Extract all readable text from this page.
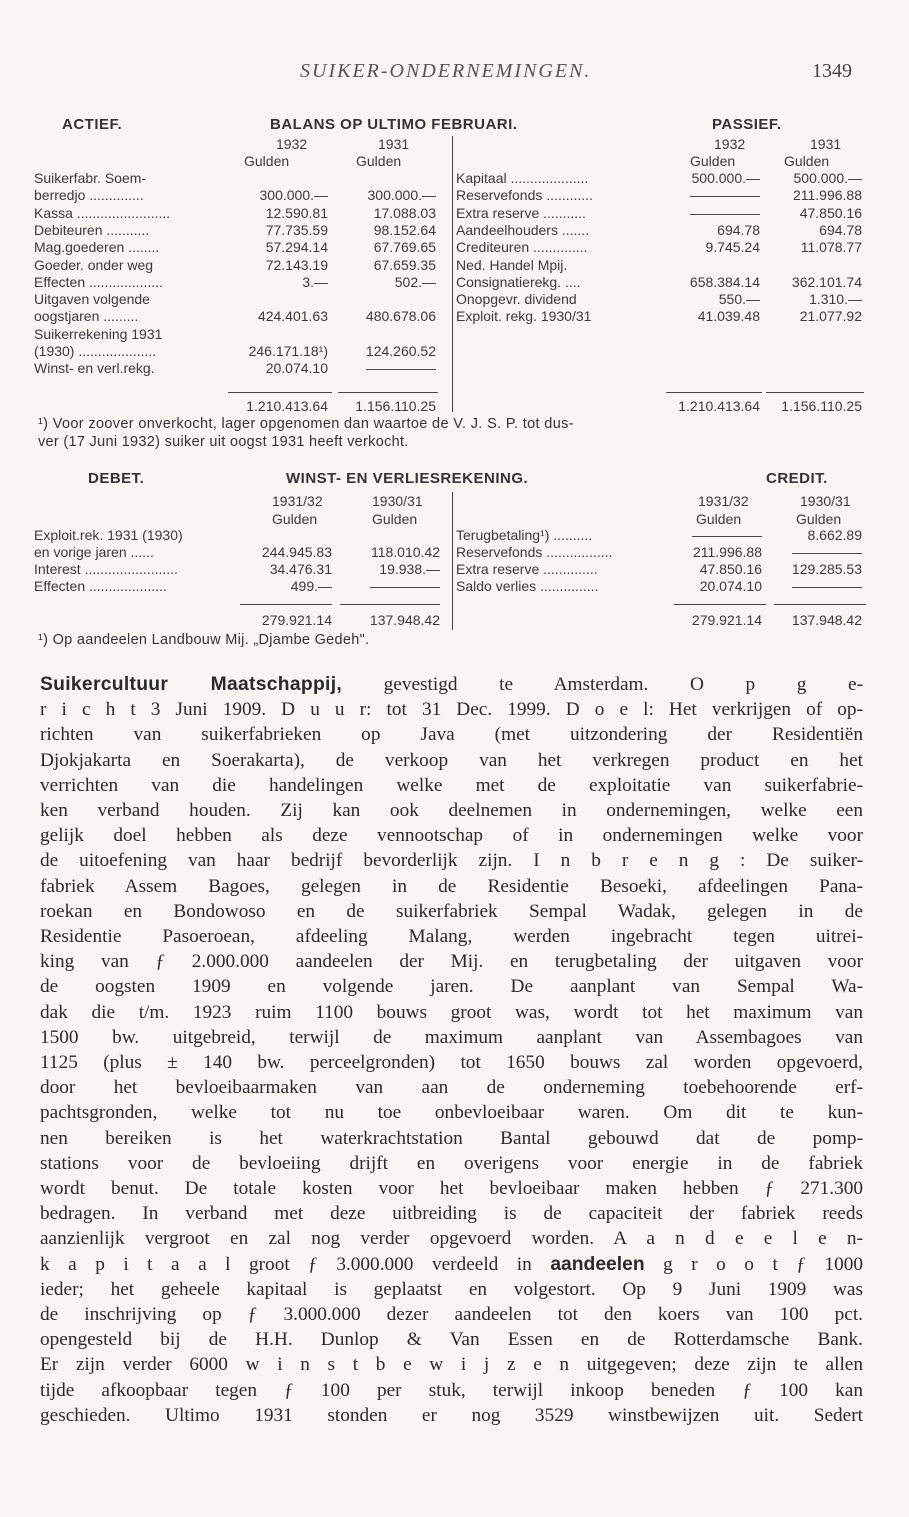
SUIKER-ONDERNEMINGEN.	1349
ACTIEF.	BALANS OP ULTIMO FEBRUARI.	PASSIEF.
1932	1931
Gulden	Gulden
1932	1931
Gulden	Gulden
Suikerfabr. Soem-
berredjo ..............	300.000.—	300.000.—
Kassa ........................	12.590.81	17.088.03
Debiteuren ...........	77.735.59	98.152.64
Mag.goederen ........	57.294.14	67.769.65
Goeder. onder weg	72.143.19	67.659.35
Effecten ...................	3.—	502.—
Uitgaven volgende
oogstjaren .........	424.401.63	480.678.06
Suikerrekening 1931
(1930) ....................	246.171.18¹)	124.260.52
Winst- en verl.rekg.	20.074.10	—————
Kapitaal ....................	500.000.—	500.000.—
Reservefonds ............	—————	211.996.88
Extra reserve ...........	—————	47.850.16
Aandeelhouders .......	694.78	694.78
Crediteuren ..............	9.745.24	11.078.77
Ned. Handel Mpij.
Consignatierekg. ....	658.384.14	362.101.74
Onopgevr. dividend	550.—	1.310.—
Exploit. rekg. 1930/31	41.039.48	21.077.92
1.210.413.64	1.156.110.25	1.210.413.64	1.156.110.25
¹) Voor zoover onverkocht, lager opgenomen dan waartoe de V. J. S. P. tot dus-
ver (17 Juni 1932) suiker uit oogst 1931 heeft verkocht.
DEBET.	WINST- EN VERLIESREKENING.	CREDIT.
1931/32	1930/31
Gulden	Gulden
1931/32	1930/31
Gulden	Gulden
Exploit.rek. 1931 (1930)
en vorige jaren ......	244.945.83	118.010.42
Interest ........................	34.476.31	19.938.—
Effecten ....................	499.—	—————
Terugbetaling¹) ..........	—————	8.662.89
Reservefonds .................	211.996.88	—————
Extra reserve ..............	47.850.16	129.285.53
Saldo verlies ...............	20.074.10	—————
279.921.14	137.948.42	279.921.14	137.948.42
¹) Op aandeelen Landbouw Mij. „Djambe Gedeh".

Suikercultuur Maatschappij, gevestigd te Amsterdam. O p g e-

r i c h t 3 Juni 1909. D u u r: tot 31 Dec. 1999. D o e l: Het verkrijgen of op-

richten van suikerfabrieken op Java (met uitzondering der Residentiën

Djokjakarta en Soerakarta), de verkoop van het verkregen product en het

verrichten van die handelingen welke met de exploitatie van suikerfabrie-

ken verband houden. Zij kan ook deelnemen in ondernemingen, welke een

gelijk doel hebben als deze vennootschap of in ondernemingen welke voor

de uitoefening van haar bedrijf bevorderlijk zijn. I n b r e n g : De suiker-

fabriek Assem Bagoes, gelegen in de Residentie Besoeki, afdeelingen Pana-

roekan en Bondowoso en de suikerfabriek Sempal Wadak, gelegen in de

Residentie Pasoeroean, afdeeling Malang, werden ingebracht tegen uitrei-

king van ƒ 2.000.000 aandeelen der Mij. en terugbetaling der uitgaven voor

de oogsten 1909 en volgende jaren. De aanplant van Sempal Wa-

dak die t/m. 1923 ruim 1100 bouws groot was, wordt tot het maximum van

1500 bw. uitgebreid, terwijl de maximum aanplant van Assembagoes van

1125 (plus ± 140 bw. perceelgronden) tot 1650 bouws zal worden opgevoerd,

door het bevloeibaarmaken van aan de onderneming toebehoorende erf-

pachtsgronden, welke tot nu toe onbevloeibaar waren. Om dit te kun-

nen bereiken is het waterkrachtstation Bantal gebouwd dat de pomp-

stations voor de bevloeiing drijft en overigens voor energie in de fabriek

wordt benut. De totale kosten voor het bevloeibaar maken hebben ƒ 271.300

bedragen. In verband met deze uitbreiding is de capaciteit der fabriek reeds

aanzienlijk vergroot en zal nog verder opgevoerd worden. A a n d e e l e n-

k a p i t a a l groot ƒ 3.000.000 verdeeld in aandeelen g r o o t ƒ 1000

ieder; het geheele kapitaal is geplaatst en volgestort. Op 9 Juni 1909 was

de inschrijving op ƒ 3.000.000 dezer aandeelen tot den koers van 100 pct.

opengesteld bij de H.H. Dunlop & Van Essen en de Rotterdamsche Bank.

Er zijn verder 6000 w i n s t b e w i j z e n uitgegeven; deze zijn te allen

tijde afkoopbaar tegen ƒ 100 per stuk, terwijl inkoop beneden ƒ 100 kan

geschieden. Ultimo 1931 stonden er nog 3529 winstbewijzen uit. Sedert
